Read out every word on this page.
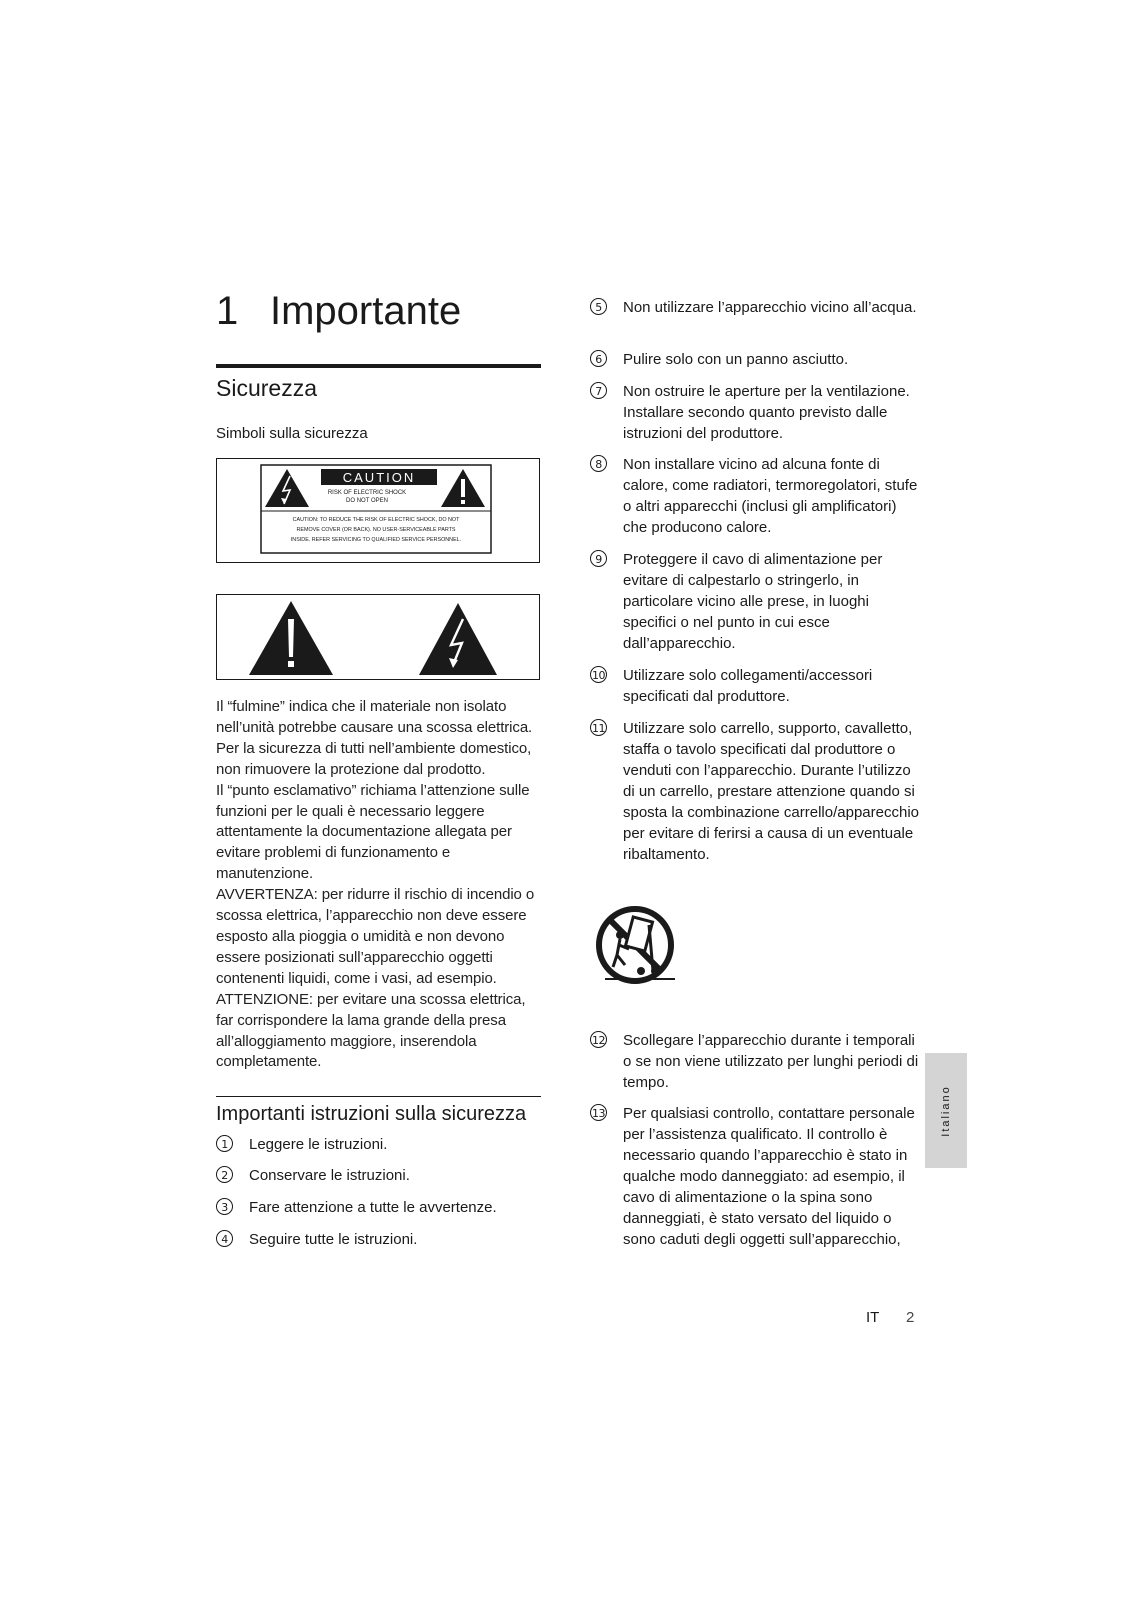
1 Importante
Sicurezza
Simboli sulla sicurezza
CAUTION
RISK OF ELECTRIC SHOCK
DO NOT OPEN
CAUTION: TO REDUCE THE RISK OF ELECTRIC SHOCK, DO NOT
REMOVE COVER (OR BACK). NO USER-SERVICEABLE PARTS
INSIDE. REFER SERVICING TO QUALIFIED SERVICE PERSONNEL.

Il “fulmine” indica che il materiale non isolato nell’unità potrebbe causare una scossa elettrica. Per la sicurezza di tutti nell’ambiente domestico, non rimuovere la protezione dal prodotto.

Il “punto esclamativo” richiama l’attenzione sulle funzioni per le quali è necessario leggere attentamente la documentazione allegata per evitare problemi di funzionamento e manutenzione.

AVVERTENZA: per ridurre il rischio di incendio o scossa elettrica, l’apparecchio non deve essere esposto alla pioggia o umidità e non devono essere posizionati sull’apparecchio oggetti contenenti liquidi, come i vasi, ad esempio.

ATTENZIONE: per evitare una scossa elettrica, far corrispondere la lama grande della presa all’alloggiamento maggiore, inserendola completamente.

Importanti istruzioni sulla sicurezza
1	Leggere le istruzioni.
2	Conservare le istruzioni.
3	Fare attenzione a tutte le avvertenze.
4	Seguire tutte le istruzioni.
5	Non utilizzare l’apparecchio vicino all’acqua.
6	Pulire solo con un panno asciutto.
7	Non ostruire le aperture per la ventilazione. Installare secondo quanto previsto dalle istruzioni del produttore.
8	Non installare vicino ad alcuna fonte di calore, come radiatori, termoregolatori, stufe o altri apparecchi (inclusi gli amplificatori) che producono calore.
9	Proteggere il cavo di alimentazione per evitare di calpestarlo o stringerlo, in particolare vicino alle prese, in luoghi specifici o nel punto in cui esce dall’apparecchio.
10 Utilizzare solo collegamenti/accessori specificati dal produttore.
11 Utilizzare solo carrello, supporto, cavalletto, staffa o tavolo specificati dal produttore o venduti con l’apparecchio. Durante l’utilizzo di un carrello, prestare attenzione quando si sposta la combinazione carrello/apparecchio per evitare di ferirsi a causa di un eventuale ribaltamento.
12 Scollegare l’apparecchio durante i temporali o se non viene utilizzato per lunghi periodi di tempo.
13 Per qualsiasi controllo, contattare personale per l’assistenza qualificato. Il controllo è necessario quando l’apparecchio è stato in qualche modo danneggiato: ad esempio, il cavo di alimentazione o la spina sono danneggiati, è stato versato del liquido o sono caduti degli oggetti sull’apparecchio,
Italiano
IT 2
